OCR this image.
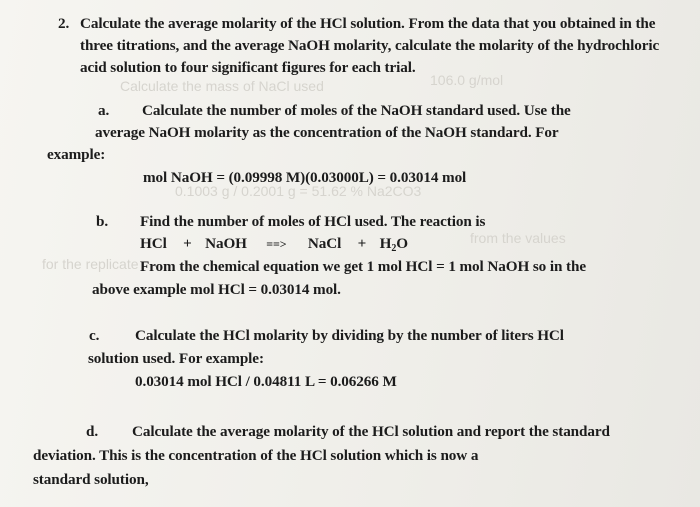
Calculate the mass of NaCl used	106.0 g/mol
0.1003 g / 0.2001 g = 51.62 % Na2CO3
from the values
for the replicate
2. Calculate the average molarity of the HCl solution. From the data that you obtained in the
three titrations, and the average NaOH molarity, calculate the molarity of the hydrochloric
acid solution to four significant figures for each trial.
a. Calculate the number of moles of the NaOH standard used. Use the
average NaOH molarity as the concentration of the NaOH standard. For
example:
mol NaOH = (0.09998 M)(0.03000L) = 0.03014 mol
b. Find the number of moles of HCl used. The reaction is
HCl + NaOH ==> NaCl + $H_2O$
From the chemical equation we get 1 mol HCl = 1 mol NaOH so in the
above example mol HCl = 0.03014 mol.
c. Calculate the HCl molarity by dividing by the number of liters HCl
solution used. For example:
0.03014 mol HCl / 0.04811 L = 0.06266 M
d. Calculate the average molarity of the HCl solution and report the standard
deviation. This is the concentration of the HCl solution which is now a
standard solution,
